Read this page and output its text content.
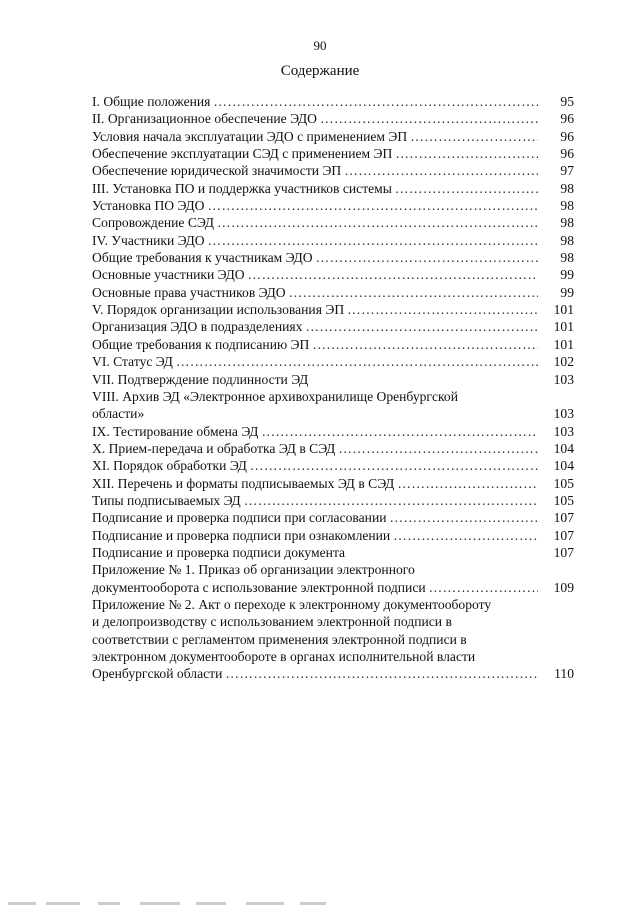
90
Содержание
I. Общие положения ………………………………………………………………………………………………………………………………………………………………………………………………………………	95
II. Организационное обеспечение ЭДО ………………………………………………………………………………………………………………………………………………………………………………………………………………	96
Условия начала эксплуатации ЭДО с применением ЭП ………………………………………………………………………………………………………………………………………………………………………………………………………………	96
Обеспечение эксплуатации СЭД с применением ЭП ………………………………………………………………………………………………………………………………………………………………………………………………………………	96
Обеспечение юридической значимости ЭП ………………………………………………………………………………………………………………………………………………………………………………………………………………	97
III. Установка ПО и поддержка участников системы ………………………………………………………………………………………………………………………………………………………………………………………………………………	98
Установка ПО ЭДО ………………………………………………………………………………………………………………………………………………………………………………………………………………	98
Сопровождение СЭД ………………………………………………………………………………………………………………………………………………………………………………………………………………	98
IV. Участники ЭДО ………………………………………………………………………………………………………………………………………………………………………………………………………………	98
Общие требования к участникам ЭДО ………………………………………………………………………………………………………………………………………………………………………………………………………………	98
Основные участники ЭДО ………………………………………………………………………………………………………………………………………………………………………………………………………………	99
Основные права участников ЭДО ………………………………………………………………………………………………………………………………………………………………………………………………………………	99
V. Порядок организации использования ЭП ………………………………………………………………………………………………………………………………………………………………………………………………………………	101
Организация ЭДО в подразделениях ………………………………………………………………………………………………………………………………………………………………………………………………………………	101
Общие требования к подписанию ЭП ………………………………………………………………………………………………………………………………………………………………………………………………………………	101
VI. Статус ЭД ………………………………………………………………………………………………………………………………………………………………………………………………………………	102
VII. Подтверждение подлинности ЭД	103
VIII. Архив ЭД «Электронное архивохранилище Оренбургской
области»	103
IX. Тестирование обмена ЭД ………………………………………………………………………………………………………………………………………………………………………………………………………………	103
X. Прием-передача и обработка ЭД в СЭД ………………………………………………………………………………………………………………………………………………………………………………………………………………	104
XI. Порядок обработки ЭД ………………………………………………………………………………………………………………………………………………………………………………………………………………	104
XII. Перечень и форматы подписываемых ЭД в СЭД ………………………………………………………………………………………………………………………………………………………………………………………………………………	105
Типы подписываемых ЭД ………………………………………………………………………………………………………………………………………………………………………………………………………………	105
Подписание и проверка подписи при согласовании ………………………………………………………………………………………………………………………………………………………………………………………………………………	107
Подписание и проверка подписи при ознакомлении ………………………………………………………………………………………………………………………………………………………………………………………………………………	107
Подписание и проверка подписи документа	107
Приложение № 1. Приказ об организации электронного
документооборота с использование электронной подписи ………………………………………………………………………………………………………………………………………………………………………………………………………………	109
Приложение № 2. Акт о переходе к электронному документообороту
и делопроизводству с использованием электронной подписи в
соответствии с регламентом применения электронной подписи в
электронном документообороте в органах исполнительной власти
Оренбургской области ………………………………………………………………………………………………………………………………………………………………………………………………………………	110
